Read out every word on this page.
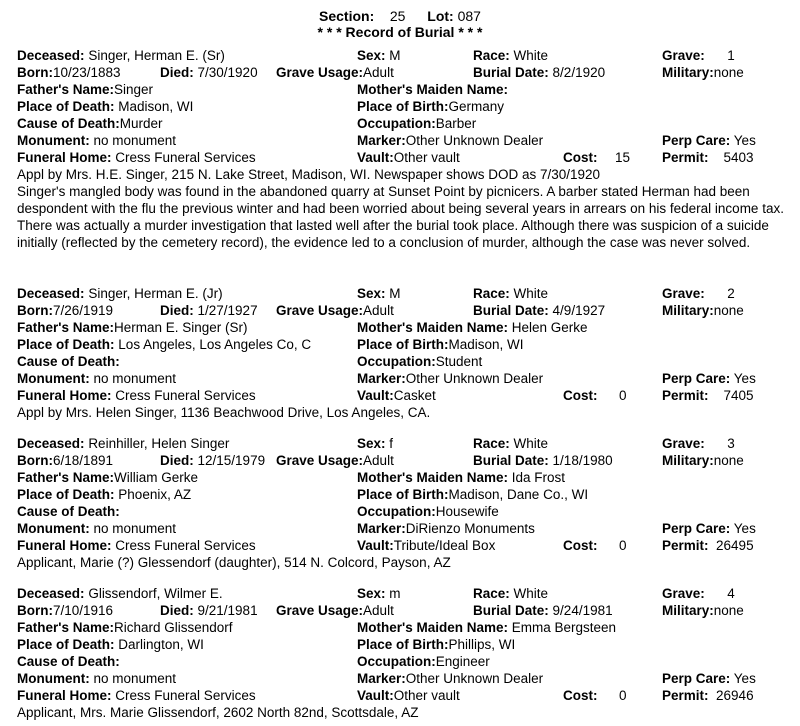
Section: 25 Lot: 087
* * * Record of Burial * * *
Deceased: Singer, Herman E. (Sr)	Sex: M	Race: White	Grave: 1
Born:10/23/1883	Died: 7/30/1920 Grave Usage:Adult	Burial Date: 8/2/1920	Military:none
Father's Name:Singer	Mother's Maiden Name:
Place of Death: Madison, WI	Place of Birth:Germany
Cause of Death:Murder	Occupation:Barber
Monument: no monument	Marker:Other Unknown Dealer	Perp Care: Yes
Funeral Home: Cress Funeral Services	Vault:Other vault	Cost: 15 Permit: 5403
Appl by Mrs. H.E. Singer, 215 N. Lake Street, Madison, WI. Newspaper shows DOD as 7/30/1920
Singer's mangled body was found in the abandoned quarry at Sunset Point by picnicers. A barber stated Herman had been despondent with the flu the previous winter and had been worried about being several years in arrears on his federal income tax. There was actually a murder investigation that lasted well after the burial took place. Although there was suspicion of a suicide initially (reflected by the cemetery record), the evidence led to a conclusion of murder, although the case was never solved.
Deceased: Singer, Herman E. (Jr)	Sex: M	Race: White	Grave: 2
Born:7/26/1919	Died: 1/27/1927 Grave Usage:Adult	Burial Date: 4/9/1927	Military:none
Father's Name:Herman E. Singer (Sr)	Mother's Maiden Name: Helen Gerke
Place of Death: Los Angeles, Los Angeles Co, C	Place of Birth:Madison, WI
Cause of Death:	Occupation:Student
Monument: no monument	Marker:Other Unknown Dealer	Perp Care: Yes
Funeral Home: Cress Funeral Services	Vault:Casket	Cost: 0	Permit: 7405
Appl by Mrs. Helen Singer, 1136 Beachwood Drive, Los Angeles, CA.
Deceased: Reinhiller, Helen Singer	Sex: f	Race: White	Grave: 3
Born:6/18/1891	Died: 12/15/1979 Grave Usage:Adult	Burial Date: 1/18/1980	Military:none
Father's Name:William Gerke	Mother's Maiden Name: Ida Frost
Place of Death: Phoenix, AZ	Place of Birth:Madison, Dane Co., WI
Cause of Death:	Occupation:Housewife
Monument: no monument	Marker:DiRienzo Monuments	Perp Care: Yes
Funeral Home: Cress Funeral Services	Vault:Tribute/Ideal Box	Cost: 0	Permit: 26495
Applicant, Marie (?) Glessendorf (daughter), 514 N. Colcord, Payson, AZ
Deceased: Glissendorf, Wilmer E.	Sex: m	Race: White	Grave: 4
Born:7/10/1916	Died: 9/21/1981 Grave Usage:Adult	Burial Date: 9/24/1981	Military:none
Father's Name:Richard Glissendorf	Mother's Maiden Name: Emma Bergsteen
Place of Death: Darlington, WI	Place of Birth:Phillips, WI
Cause of Death:	Occupation:Engineer
Monument: no monument	Marker:Other Unknown Dealer	Perp Care: Yes
Funeral Home: Cress Funeral Services	Vault:Other vault	Cost: 0	Permit: 26946
Applicant, Mrs. Marie Glissendorf, 2602 North 82nd, Scottsdale, AZ
